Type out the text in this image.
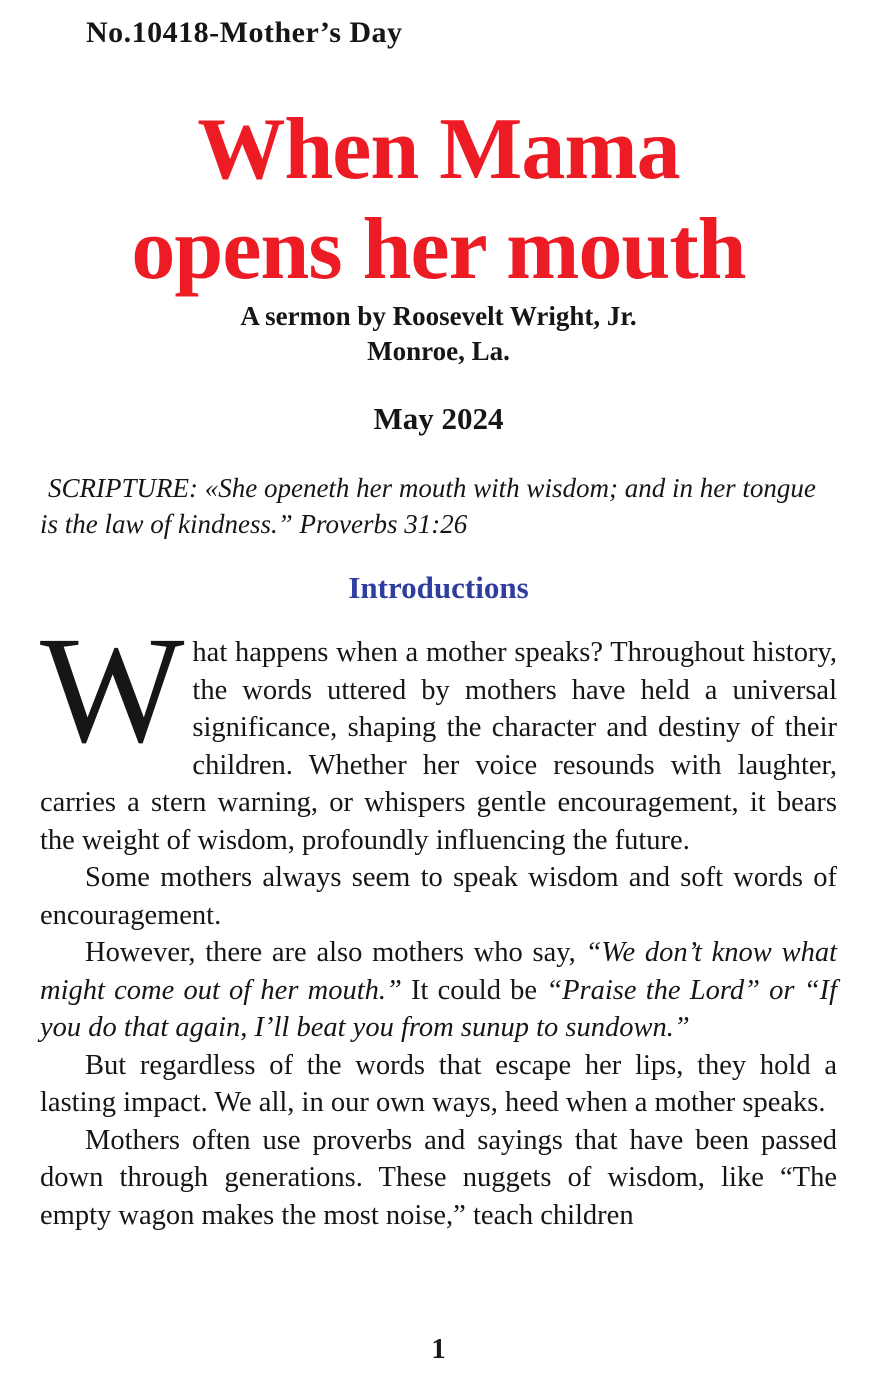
No.10418-Mother’s Day
When Mama
opens her mouth
A sermon by Roosevelt Wright, Jr.
Monroe, La.
May 2024

SCRIPTURE: «She openeth her mouth with wisdom; and in her tongue is the law of kindness.” Proverbs 31:26

Introductions

What happens when a mother speaks? Throughout history, the words uttered by mothers have held a universal significance, shaping the character and destiny of their children. Whether her voice resounds with laughter, carries a stern warning, or whispers gentle encouragement, it bears the weight of wisdom, profoundly influencing the future.

Some mothers always seem to speak wisdom and soft words of encouragement.

However, there are also mothers who say, “We don’t know what might come out of her mouth.” It could be “Praise the Lord” or “If you do that again, I’ll beat you from sunup to sundown.”

But regardless of the words that escape her lips, they hold a lasting impact. We all, in our own ways, heed when a mother speaks.

Mothers often use proverbs and sayings that have been passed down through generations. These nuggets of wisdom, like “The empty wagon makes the most noise,” teach children

1
